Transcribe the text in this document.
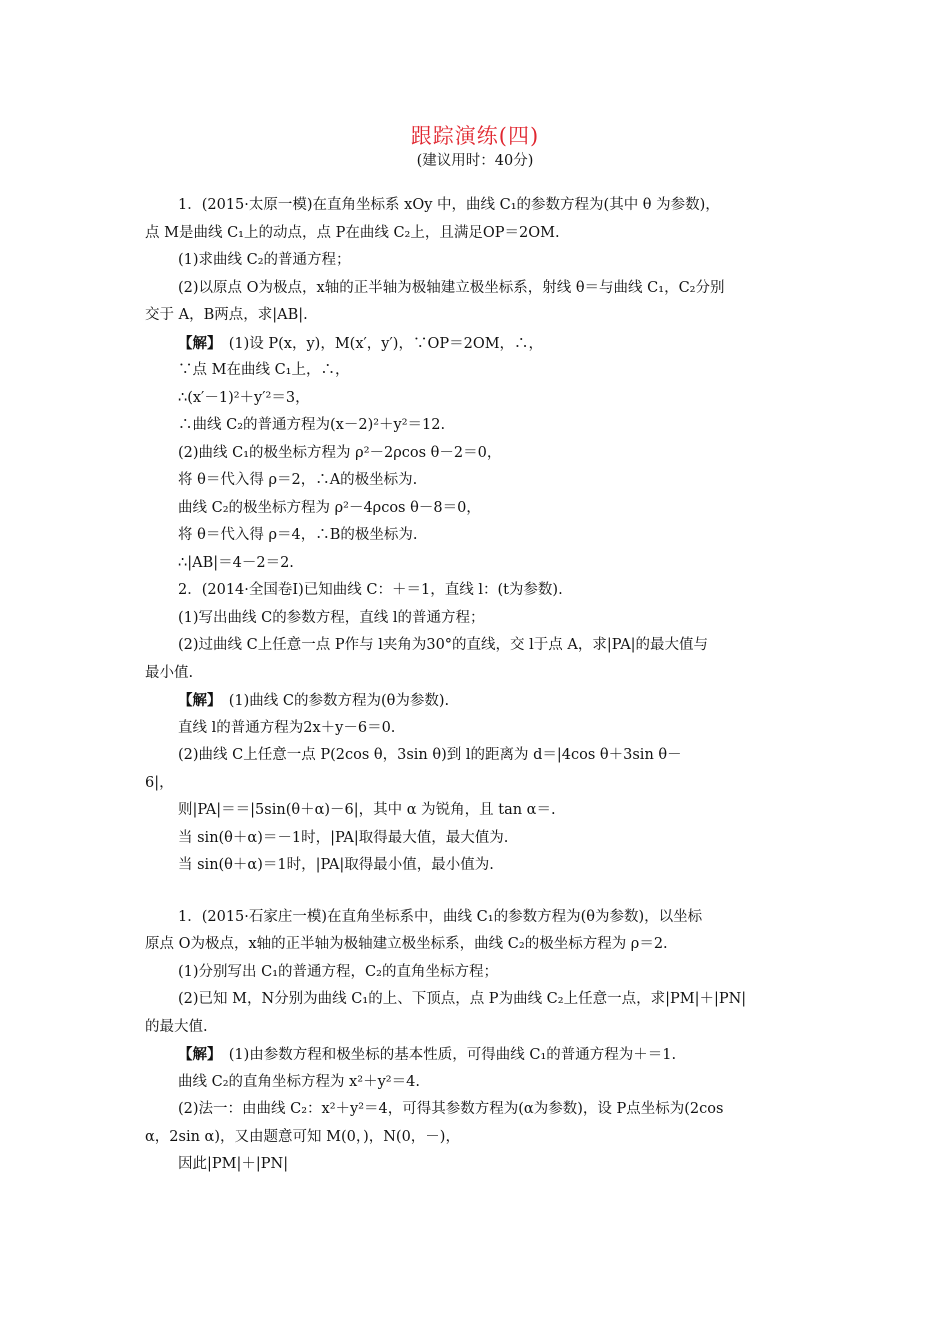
跟踪演练(四)
(建议用时：40分)
1．(2015·太原一模)在直角坐标系 xOy 中，曲线 C₁的参数方程为(其中 θ 为参数)，
点 M是曲线 C₁上的动点，点 P在曲线 C₂上，且满足OP＝2OM.
(1)求曲线 C₂的普通方程；
(2)以原点 O为极点，x轴的正半轴为极轴建立极坐标系，射线 θ＝与曲线 C₁，C₂分别
交于 A，B两点，求|AB|.
【解】　 (1)设 P(x，y)，M(x′，y′)，∵OP＝2OM，∴，
∵点 M在曲线 C₁上，∴，
∴(x′－1)²＋y′²＝3，
∴曲线 C₂的普通方程为(x－2)²＋y²＝12.
(2)曲线 C₁的极坐标方程为 ρ²－2ρcos θ－2＝0，
将 θ＝代入得 ρ＝2，∴A的极坐标为.
曲线 C₂的极坐标方程为 ρ²－4ρcos θ－8＝0，
将 θ＝代入得 ρ＝4，∴B的极坐标为.
∴|AB|＝4－2＝2.
2．(2014·全国卷Ⅰ)已知曲线 C：＋＝1，直线 l：(t为参数).
(1)写出曲线 C的参数方程，直线 l的普通方程；
(2)过曲线 C上任意一点 P作与 l夹角为30°的直线，交 l于点 A，求|PA|的最大值与
最小值.
【解】　 (1)曲线 C的参数方程为(θ为参数).
直线 l的普通方程为2x＋y－6＝0.
(2)曲线 C上任意一点 P(2cos θ，3sin θ)到 l的距离为 d＝|4cos θ＋3sin θ－
6|，
则|PA|＝＝|5sin(θ＋α)－6|，其中 α 为锐角，且 tan α＝.
当 sin(θ＋α)＝－1时，|PA|取得最大值，最大值为.
当 sin(θ＋α)＝1时，|PA|取得最小值，最小值为.
1．(2015·石家庄一模)在直角坐标系中，曲线 C₁的参数方程为(θ为参数)，以坐标
原点 O为极点，x轴的正半轴为极轴建立极坐标系，曲线 C₂的极坐标方程为 ρ＝2.
(1)分别写出 C₁的普通方程，C₂的直角坐标方程；
(2)已知 M，N分别为曲线 C₁的上、下顶点，点 P为曲线 C₂上任意一点，求|PM|＋|PN|
的最大值.
【解】　 (1)由参数方程和极坐标的基本性质，可得曲线 C₁的普通方程为＋＝1.
曲线 C₂的直角坐标方程为 x²＋y²＝4.
(2)法一：由曲线 C₂：x²＋y²＝4，可得其参数方程为(α为参数)，设 P点坐标为(2cos
α，2sin α)，又由题意可知 M(0，)，N(0，－)，
因此|PM|＋|PN|
